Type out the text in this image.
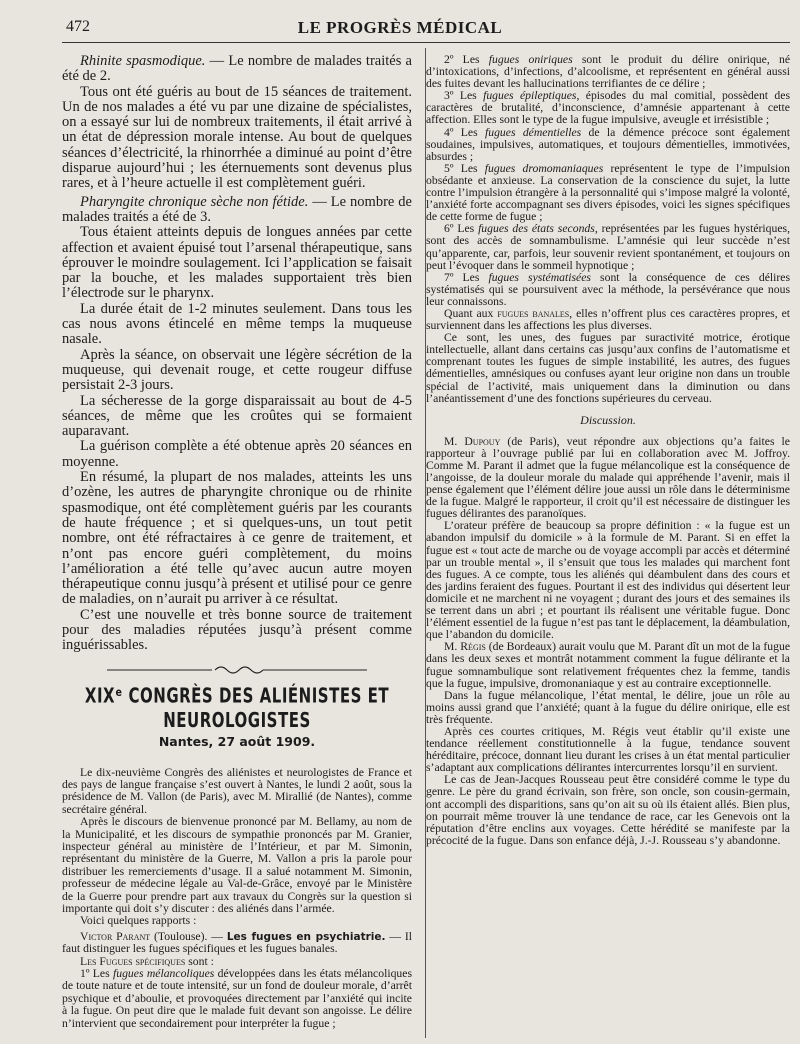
472	LE PROGRÈS MÉDICAL

Rhinite spasmodique. — Le nombre de malades traités a été de 2.

Tous ont été guéris au bout de 15 séances de traitement. Un de nos malades a été vu par une dizaine de spécialistes, on a essayé sur lui de nombreux traitements, il était arrivé à un état de dépression morale intense. Au bout de quelques séances d’électricité, la rhinorrhée a diminué au point d’être disparue aujourd’hui ; les éternuements sont devenus plus rares, et à l’heure actuelle il est complètement guéri.

Pharyngite chronique sèche non fétide. — Le nombre de malades traités a été de 3.

Tous étaient atteints depuis de longues années par cette affection et avaient épuisé tout l’arsenal thérapeutique, sans éprouver le moindre soulagement. Ici l’application se faisait par la bouche, et les malades supportaient très bien l’électrode sur le pharynx.

La durée était de 1-2 minutes seulement. Dans tous les cas nous avons étincelé en même temps la muqueuse nasale.

Après la séance, on observait une légère sécrétion de la muqueuse, qui devenait rouge, et cette rougeur diffuse persistait 2-3 jours.

La sécheresse de la gorge disparaissait au bout de 4-5 séances, de même que les croûtes qui se formaient auparavant.

La guérison complète a été obtenue après 20 séances en moyenne.

En résumé, la plupart de nos malades, atteints les uns d’ozène, les autres de pharyngite chronique ou de rhinite spasmodique, ont été complètement guéris par les courants de haute fréquence ; et si quelques-uns, un tout petit nombre, ont été réfractaires à ce genre de traitement, et n’ont pas encore guéri complètement, du moins l’amélioration a été telle qu’avec aucun autre moyen thérapeutique connu jusqu’à présent et utilisé pour ce genre de maladies, on n’aurait pu arriver à ce résultat.

C’est une nouvelle et très bonne source de traitement pour des maladies réputées jusqu’à présent comme inguérissables.

XIXᵉ CONGRÈS DES ALIÉNISTES ET NEUROLOGISTES
Nantes, 27 août 1909.

Le dix-neuvième Congrès des aliénistes et neurologistes de France et des pays de langue française s’est ouvert à Nantes, le lundi 2 août, sous la présidence de M. Vallon (de Paris), avec M. Mirallié (de Nantes), comme secrétaire général.

Après le discours de bienvenue prononcé par M. Bellamy, au nom de la Municipalité, et les discours de sympathie prononcés par M. Granier, inspecteur général au ministère de l’Intérieur, et par M. Simonin, représentant du ministère de la Guerre, M. Vallon a pris la parole pour distribuer les remerciements d’usage. Il a salué notamment M. Simonin, professeur de médecine légale au Val-de-Grâce, envoyé par le Ministère de la Guerre pour prendre part aux travaux du Congrès sur la question si importante qui doit s’y discuter : des aliénés dans l’armée.

Voici quelques rapports :

Victor Parant (Toulouse). — Les fugues en psychiatrie. — Il faut distinguer les fugues spécifiques et les fugues banales.

Les Fugues spécifiques sont :

1º Les fugues mélancoliques développées dans les états mélancoliques de toute nature et de toute intensité, sur un fond de douleur morale, d’arrêt psychique et d’aboulie, et provoquées directement par l’anxiété qui incite à la fugue. On peut dire que le malade fuit devant son angoisse. Le délire n’intervient que secondairement pour interpréter la fugue ;

2º Les fugues oniriques sont le produit du délire onirique, né d’intoxications, d’infections, d’alcoolisme, et représentent en général aussi des fuites devant les hallucinations terrifiantes de ce délire ;

3º Les fugues épileptiques, épisodes du mal comitial, possèdent des caractères de brutalité, d’inconscience, d’amnésie appartenant à cette affection. Elles sont le type de la fugue impulsive, aveugle et irrésistible ;

4º Les fugues démentielles de la démence précoce sont également soudaines, impulsives, automatiques, et toujours démentielles, immotivées, absurdes ;

5º Les fugues dromomaniaques représentent le type de l’impulsion obsédante et anxieuse. La conservation de la conscience du sujet, la lutte contre l’impulsion étrangère à la personnalité qui s’impose malgré la volonté, l’anxiété forte accompagnant ses divers épisodes, voici les signes spécifiques de cette forme de fugue ;

6º Les fugues des états seconds, représentées par les fugues hystériques, sont des accès de somnambulisme. L’amnésie qui leur succède n’est qu’apparente, car, parfois, leur souvenir revient spontanément, et toujours on peut l’évoquer dans le sommeil hypnotique ;

7º Les fugues systématisées sont la conséquence de ces délires systématisés qui se poursuivent avec la méthode, la persévérance que nous leur connaissons.

Quant aux fugues banales, elles n’offrent plus ces caractères propres, et surviennent dans les affections les plus diverses.

Ce sont, les unes, des fugues par suractivité motrice, érotique intellectuelle, allant dans certains cas jusqu’aux confins de l’automatisme et comprenant toutes les fugues de simple instabilité, les autres, des fugues démentielles, amnésiques ou confuses ayant leur origine non dans un trouble spécial de l’activité, mais uniquement dans la diminution ou dans l’anéantissement d’une des fonctions supérieures du cerveau.

Discussion.

M. Dupouy (de Paris), veut répondre aux objections qu’a faites le rapporteur à l’ouvrage publié par lui en collaboration avec M. Joffroy. Comme M. Parant il admet que la fugue mélancolique est la conséquence de l’angoisse, de la douleur morale du malade qui appréhende l’avenir, mais il pense également que l’élément délire joue aussi un rôle dans le déterminisme de la fugue. Malgré le rapporteur, il croit qu’il est nécessaire de distinguer les fugues délirantes des paranoïques.

L’orateur préfère de beaucoup sa propre définition : « la fugue est un abandon impulsif du domicile » à la formule de M. Parant. Si en effet la fugue est « tout acte de marche ou de voyage accompli par accès et déterminé par un trouble mental », il s’ensuit que tous les malades qui marchent font des fugues. A ce compte, tous les aliénés qui déambulent dans des cours et des jardins feraient des fugues. Pourtant il est des individus qui désertent leur domicile et ne marchent ni ne voyagent ; durant des jours et des semaines ils se terrent dans un abri ; et pourtant ils réalisent une véritable fugue. Donc l’élément essentiel de la fugue n’est pas tant le déplacement, la déambulation, que l’abandon du domicile.

M. Régis (de Bordeaux) aurait voulu que M. Parant dît un mot de la fugue dans les deux sexes et montrât notamment comment la fugue délirante et la fugue somnambulique sont relativement fréquentes chez la femme, tandis que la fugue, impulsive, dromonaniaque y est au contraire exceptionnelle.

Dans la fugue mélancolique, l’état mental, le délire, joue un rôle au moins aussi grand que l’anxiété; quant à la fugue du délire onirique, elle est très fréquente.

Après ces courtes critiques, M. Régis veut établir qu’il existe une tendance réellement constitutionnelle à la fugue, tendance souvent héréditaire, précoce, donnant lieu durant les crises à un état mental particulier s’adaptant aux complications délirantes intercurrentes lorsqu’il en survient.

Le cas de Jean-Jacques Rousseau peut être considéré comme le type du genre. Le père du grand écrivain, son frère, son oncle, son cousin-germain, ont accompli des disparitions, sans qu’on ait su où ils étaient allés. Bien plus, on pourrait même trouver là une tendance de race, car les Genevois ont la réputation d’être enclins aux voyages. Cette hérédité se manifeste par la précocité de la fugue. Dans son enfance déjà, J.-J. Rousseau s’y abandonne.
